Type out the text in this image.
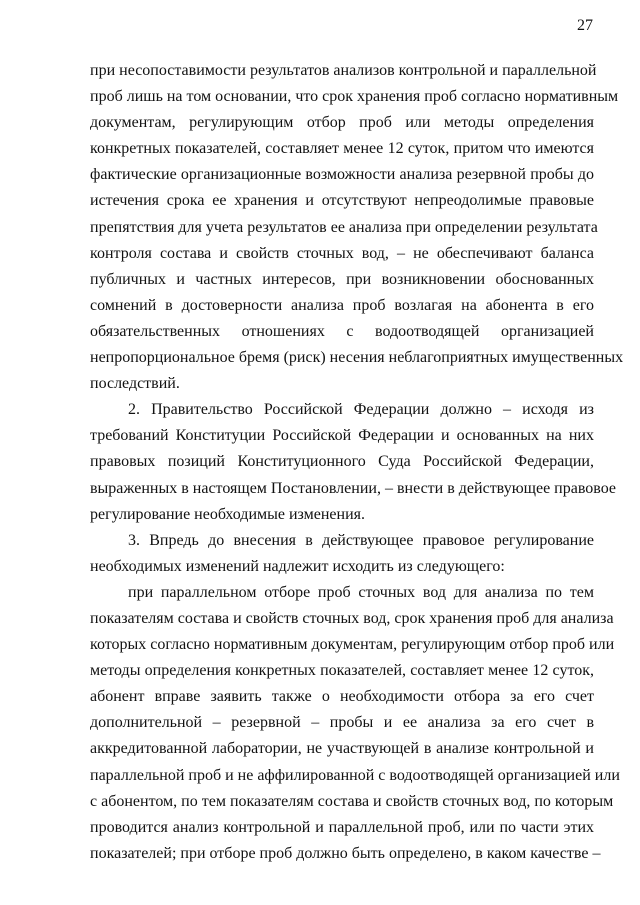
27
при несопоставимости результатов анализов контрольной и параллельной
проб лишь на том основании, что срок хранения проб согласно нормативным
документам, регулирующим отбор проб или методы определения
конкретных показателей, составляет менее 12 суток, притом что имеются
фактические организационные возможности анализа резервной пробы до
истечения срока ее хранения и отсутствуют непреодолимые правовые
препятствия для учета результатов ее анализа при определении результата
контроля состава и свойств сточных вод, – не обеспечивают баланса
публичных и частных интересов, при возникновении обоснованных
сомнений в достоверности анализа проб возлагая на абонента в его
обязательственных отношениях с водоотводящей организацией
непропорциональное бремя (риск) несения неблагоприятных имущественных
последствий.
2. Правительство Российской Федерации должно – исходя из
требований Конституции Российской Федерации и основанных на них
правовых позиций Конституционного Суда Российской Федерации,
выраженных в настоящем Постановлении, – внести в действующее правовое
регулирование необходимые изменения.
3. Впредь до внесения в действующее правовое регулирование
необходимых изменений надлежит исходить из следующего:
при параллельном отборе проб сточных вод для анализа по тем
показателям состава и свойств сточных вод, срок хранения проб для анализа
которых согласно нормативным документам, регулирующим отбор проб или
методы определения конкретных показателей, составляет менее 12 суток,
абонент вправе заявить также о необходимости отбора за его счет
дополнительной – резервной – пробы и ее анализа за его счет в
аккредитованной лаборатории, не участвующей в анализе контрольной и
параллельной проб и не аффилированной с водоотводящей организацией или
с абонентом, по тем показателям состава и свойств сточных вод, по которым
проводится анализ контрольной и параллельной проб, или по части этих
показателей; при отборе проб должно быть определено, в каком качестве –
